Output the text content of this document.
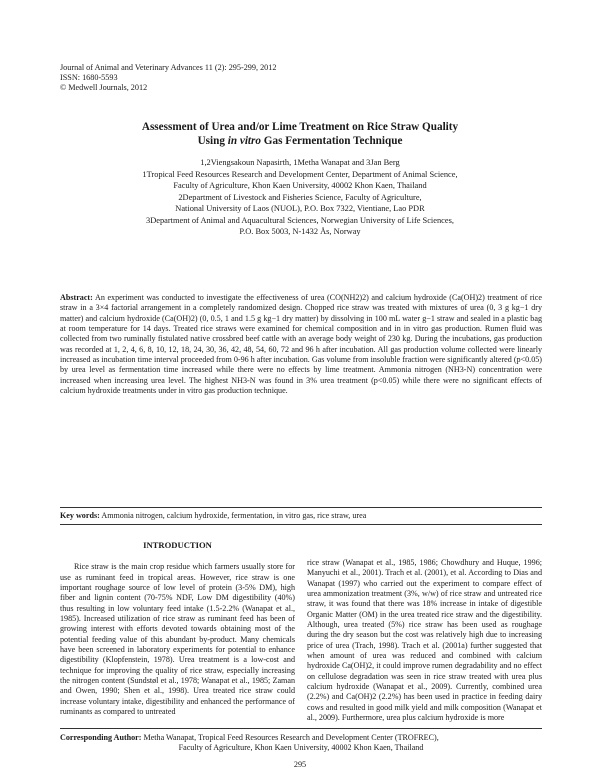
Journal of Animal and Veterinary Advances 11 (2): 295-299, 2012
ISSN: 1680-5593
© Medwell Journals, 2012
Assessment of Urea and/or Lime Treatment on Rice Straw Quality
Using in vitro Gas Fermentation Technique
1,2Viengsakoun Napasirth, 1Metha Wanapat and 3Jan Berg
1Tropical Feed Resources Research and Development Center, Department of Animal Science,
Faculty of Agriculture, Khon Kaen University, 40002 Khon Kaen, Thailand
2Department of Livestock and Fisheries Science, Faculty of Agriculture,
National University of Laos (NUOL), P.O. Box 7322, Vientiane, Lao PDR
3Department of Animal and Aquacultural Sciences, Norwegian University of Life Sciences,
P.O. Box 5003, N-1432 Ås, Norway
Abstract: An experiment was conducted to investigate the effectiveness of urea (CO(NH2)2) and calcium hydroxide (Ca(OH)2) treatment of rice straw in a 3×4 factorial arrangement in a completely randomized design. Chopped rice straw was treated with mixtures of urea (0, 3 g kg−1 dry matter) and calcium hydroxide (Ca(OH)2) (0, 0.5, 1 and 1.5 g kg−1 dry matter) by dissolving in 100 mL water g−1 straw and sealed in a plastic bag at room temperature for 14 days. Treated rice straws were examined for chemical composition and in in vitro gas production. Rumen fluid was collected from two ruminally fistulated native crossbred beef cattle with an average body weight of 230 kg. During the incubations, gas production was recorded at 1, 2, 4, 6, 8, 10, 12, 18, 24, 30, 36, 42, 48, 54, 60, 72 and 96 h after incubation. All gas production volume collected were linearly increased as incubation time interval proceeded from 0-96 h after incubation. Gas volume from insoluble fraction were significantly altered (p<0.05) by urea level as fermentation time increased while there were no effects by lime treatment. Ammonia nitrogen (NH3-N) concentration were increased when increasing urea level. The highest NH3-N was found in 3% urea treatment (p<0.05) while there were no significant effects of calcium hydroxide treatments under in vitro gas production technique.
Key words: Ammonia nitrogen, calcium hydroxide, fermentation, in vitro gas, rice straw, urea
INTRODUCTION

Rice straw is the main crop residue which farmers usually store for use as ruminant feed in tropical areas. However, rice straw is one important roughage source of low level of protein (3-5% DM), high fiber and lignin content (70-75% NDF, Low DM digestibility (40%) thus resulting in low voluntary feed intake (1.5-2.2% (Wanapat et al., 1985). Increased utilization of rice straw as ruminant feed has been of growing interest with efforts devoted towards obtaining most of the potential feeding value of this abundant by-product. Many chemicals have been screened in laboratory experiments for potential to enhance digestibility (Klopfenstein, 1978). Urea treatment is a low-cost and technique for improving the quality of rice straw, especially increasing the nitrogen content (Sundstøl et al., 1978; Wanapat et al., 1985; Zaman and Owen, 1990; Shen et al., 1998). Urea treated rice straw could increase voluntary intake, digestibility and enhanced the performance of ruminants as compared to untreated

rice straw (Wanapat et al., 1985, 1986; Chowdhury and Huque, 1996; Manyuchi et al., 2001). Trach et al. (2001), et al. According to Dias and Wanapat (1997) who carried out the experiment to compare effect of urea ammonization treatment (3%, w/w) of rice straw and untreated rice straw, it was found that there was 18% increase in intake of digestible Organic Matter (OM) in the urea treated rice straw and the digestibility. Although, urea treated (5%) rice straw has been used as roughage during the dry season but the cost was relatively high due to increasing price of urea (Trach, 1998). Trach et al. (2001a) further suggested that when amount of urea was reduced and combined with calcium hydroxide Ca(OH)2, it could improve rumen degradability and no effect on cellulose degradation was seen in rice straw treated with urea plus calcium hydroxide (Wanapat et al., 2009). Currently, combined urea (2.2%) and Ca(OH)2 (2.2%) has been used in practice in feeding dairy cows and resulted in good milk yield and milk composition (Wanapat et al., 2009). Furthermore, urea plus calcium hydroxide is more

Corresponding Author: Metha Wanapat, Tropical Feed Resources Research and Development Center (TROFREC),
Faculty of Agriculture, Khon Kaen University, 40002 Khon Kaen, Thailand
295
